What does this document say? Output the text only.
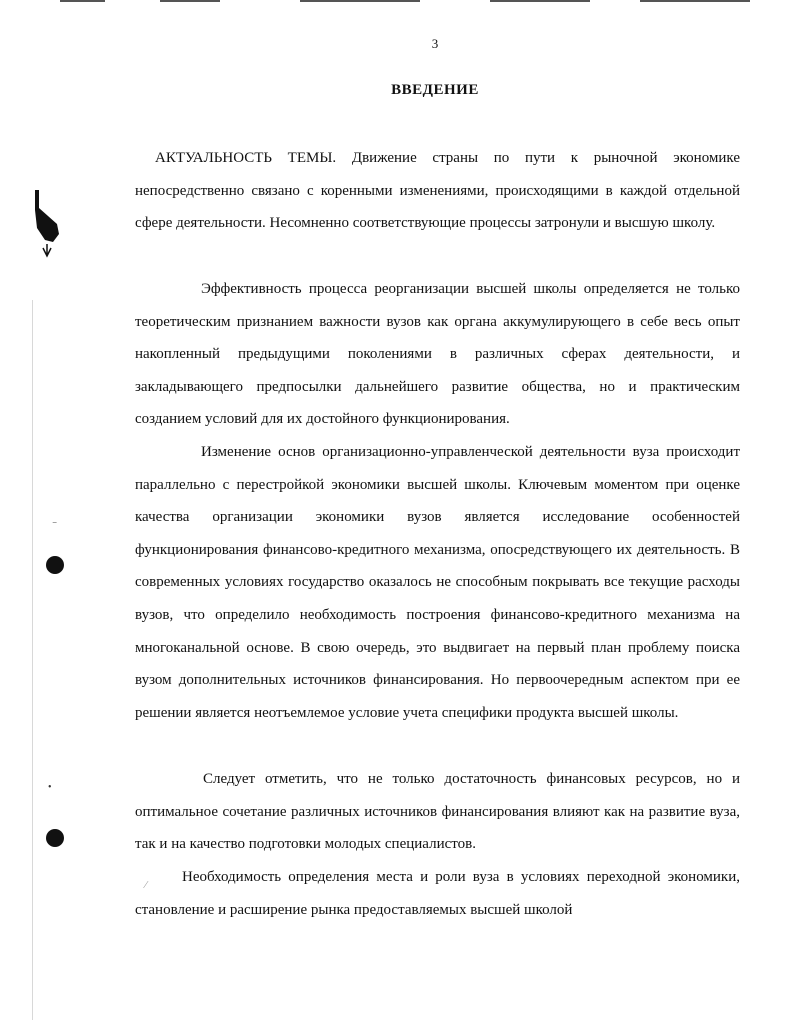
⁻
•
⁄
3
ВВЕДЕНИЕ

АКТУАЛЬНОСТЬ ТЕМЫ. Движение страны по пути к рыночной экономике непосредственно связано с коренными изменениями, происходящими в каждой отдельной сфере деятельности. Несомненно соответствующие процессы затронули и высшую школу.

Эффективность процесса реорганизации высшей школы определяется не только теоретическим признанием важности вузов как органа аккумулирующего в себе весь опыт накопленный предыдущими поколениями в различных сферах деятельности, и закладывающего предпосылки дальнейшего развитие общества, но и практическим созданием условий для их достойного функционирования.

Изменение основ организационно-управленческой деятельности вуза происходит параллельно с перестройкой экономики высшей школы. Ключевым моментом при оценке качества организации экономики вузов является исследование особенностей функционирования финансово-кредитного механизма, опосредствующего их деятельность. В современных условиях государство оказалось не способным покрывать все текущие расходы вузов, что определило необходимость построения финансово-кредитного механизма на многоканальной основе. В свою очередь, это выдвигает на первый план проблему поиска вузом дополнительных источников финансирования. Но первоочередным аспектом при ее решении является неотъемлемое условие учета специфики продукта высшей школы.

Следует отметить, что не только достаточность финансовых ресурсов, но и оптимальное сочетание различных источников финансирования влияют как на развитие вуза, так и на качество подготовки молодых специалистов.

Необходимость определения места и роли вуза в условиях переходной экономики, становление и расширение рынка предоставляемых высшей школой
